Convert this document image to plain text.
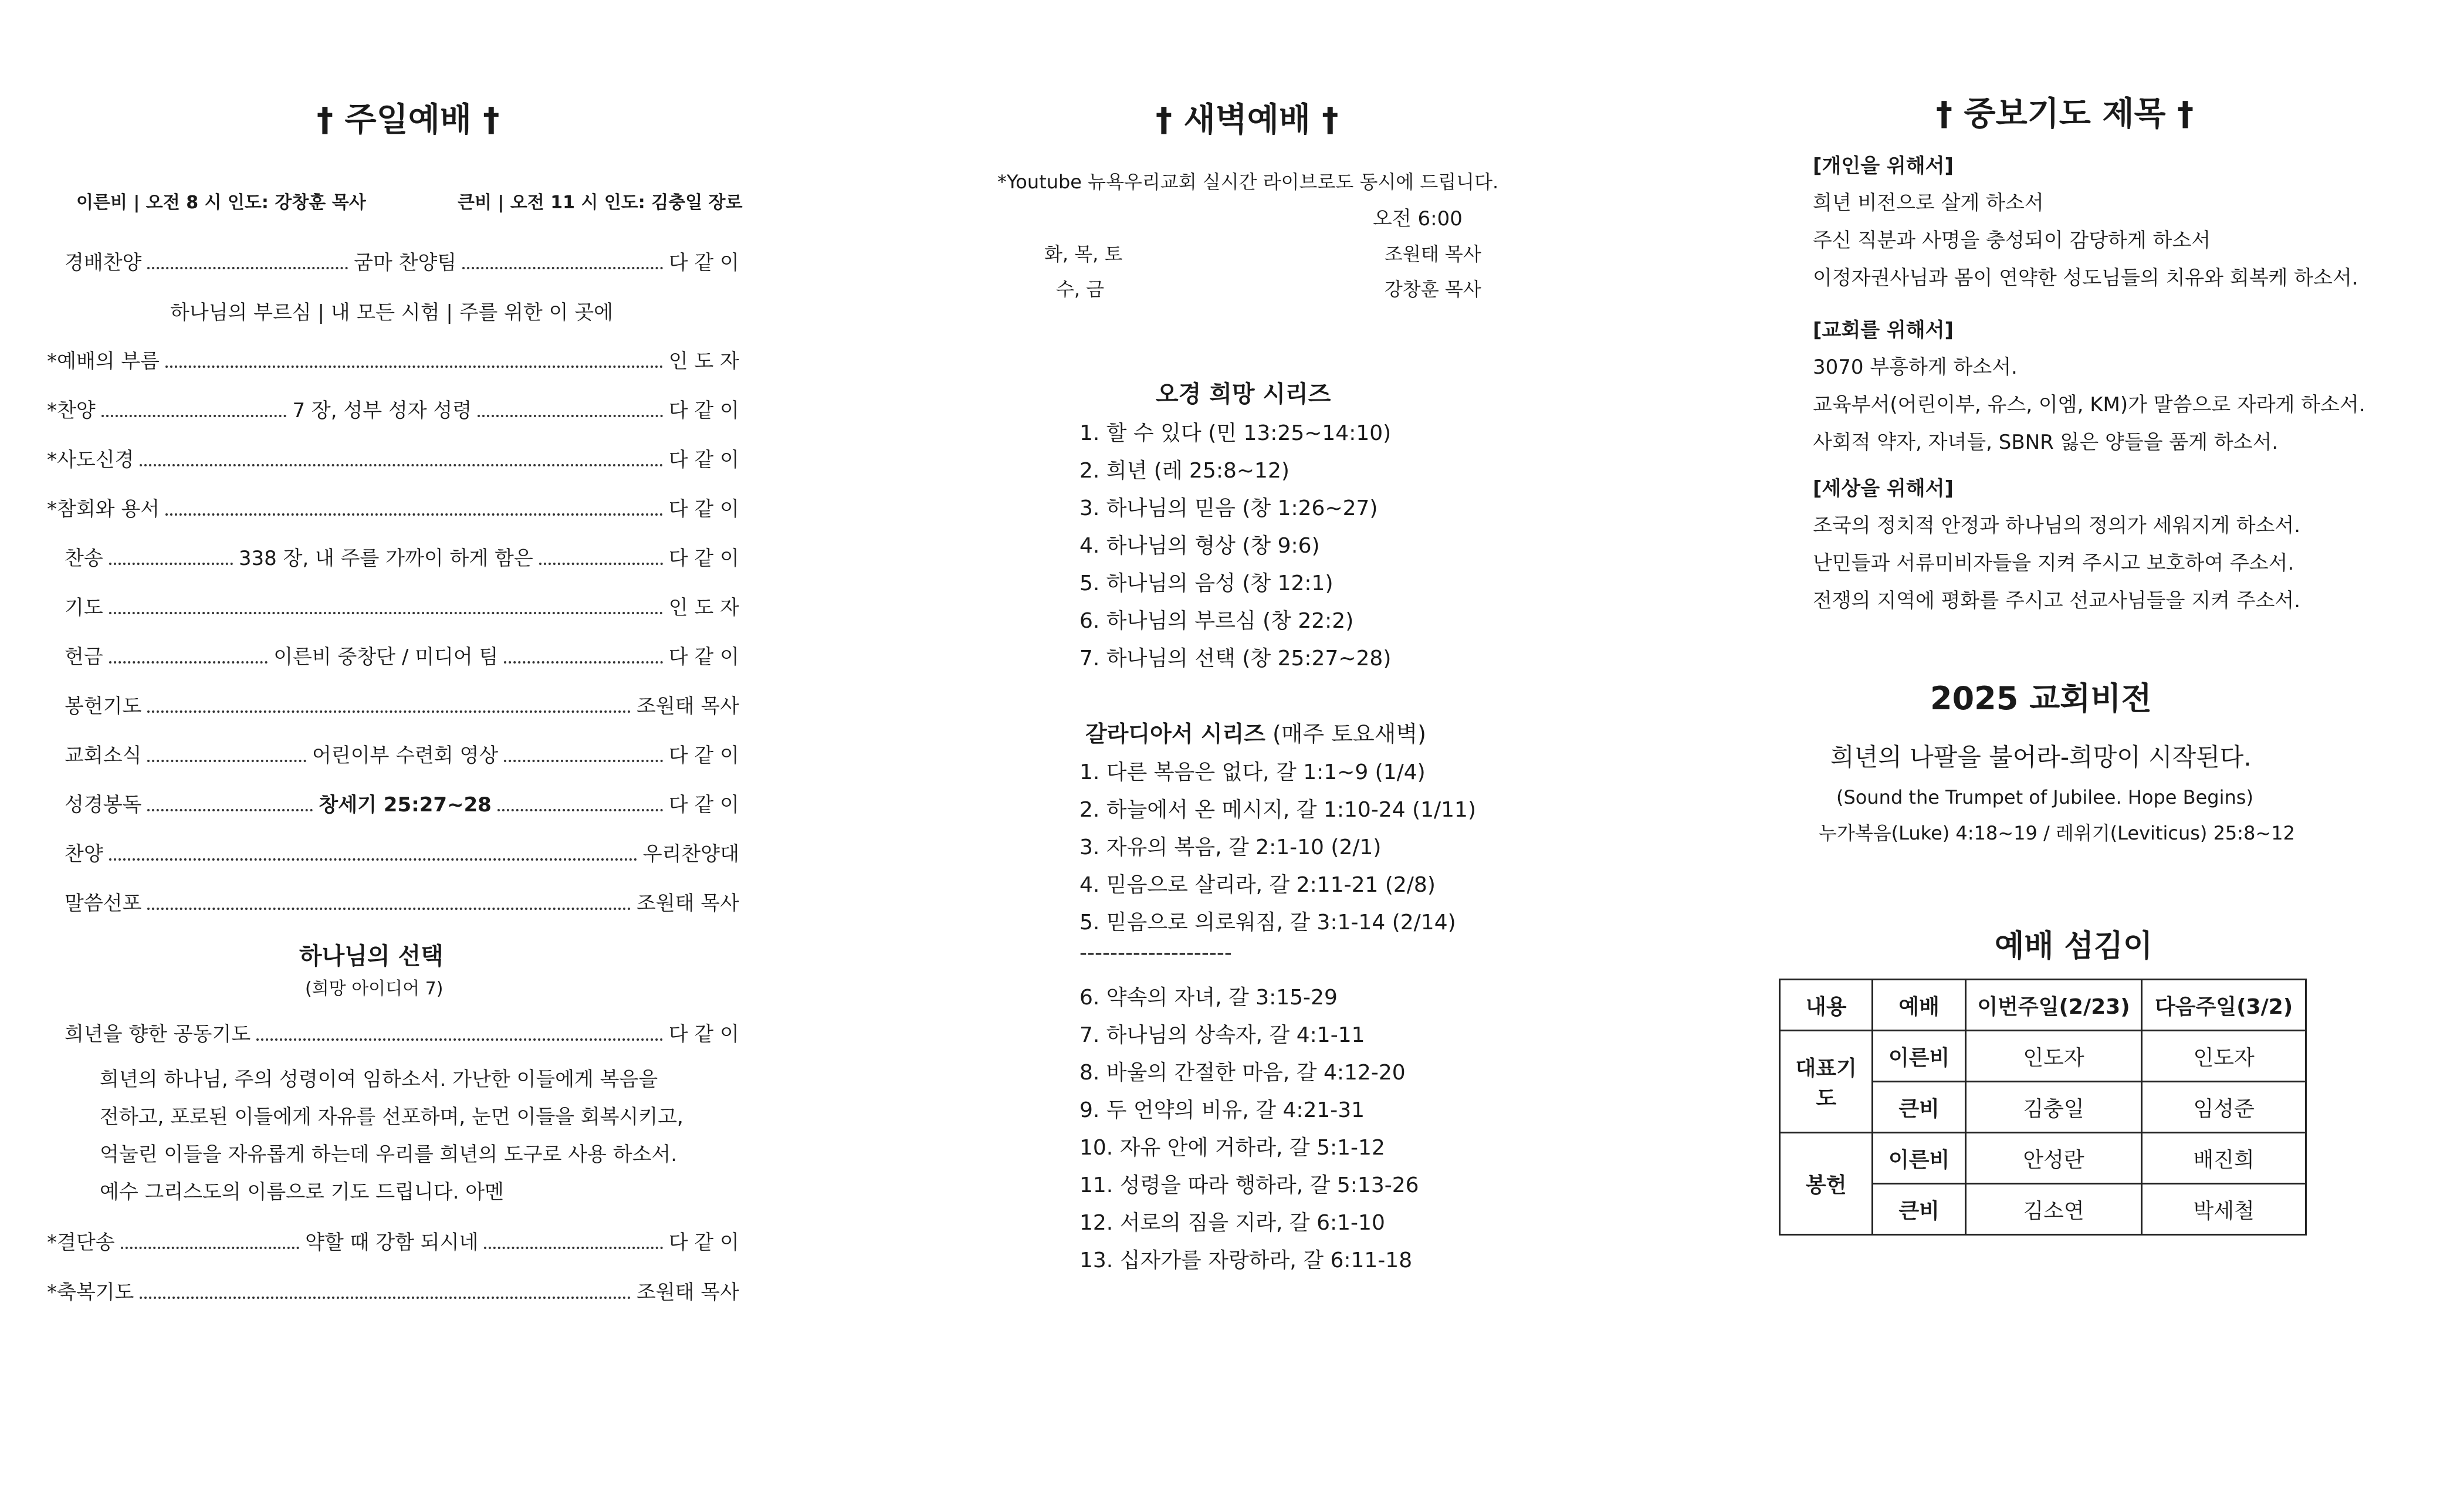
† 주일예배 †
이른비 | 오전 8 시 인도: 강창훈 목사	큰비 | 오전 11 시 인도: 김충일 장로
경배찬양	굼마 찬양팀	다 같 이
하나님의 부르심 | 내 모든 시험 | 주를 위한 이 곳에
*예배의 부름	인 도 자
*찬양	7 장, 성부 성자 성령	다 같 이
*사도신경	다 같 이
*참회와 용서	다 같 이
찬송	338 장, 내 주를 가까이 하게 함은	다 같 이
기도	인 도 자
헌금	이른비 중창단 / 미디어 팀	다 같 이
봉헌기도	조원태 목사
교회소식	어린이부 수련회 영상	다 같 이
성경봉독	창세기 25:27~28	다 같 이
찬양	우리찬양대
말씀선포	조원태 목사
하나님의 선택
(희망 아이디어 7)
희년을 향한 공동기도	다 같 이
희년의 하나님, 주의 성령이여 임하소서. 가난한 이들에게 복음을
전하고, 포로된 이들에게 자유를 선포하며, 눈먼 이들을 회복시키고,
억눌린 이들을 자유롭게 하는데 우리를 희년의 도구로 사용 하소서.
예수 그리스도의 이름으로 기도 드립니다. 아멘
*결단송	약할 때 강함 되시네	다 같 이
*축복기도	조원태 목사
† 새벽예배 †
*Youtube 뉴욕우리교회 실시간 라이브로도 동시에 드립니다.
오전 6:00
화, 목, 토	조원태 목사
수, 금	강창훈 목사
오경 희망 시리즈
1. 할 수 있다 (민 13:25~14:10)
2. 희년 (레 25:8~12)
3. 하나님의 믿음 (창 1:26~27)
4. 하나님의 형상 (창 9:6)
5. 하나님의 음성 (창 12:1)
6. 하나님의 부르심 (창 22:2)
7. 하나님의 선택 (창 25:27~28)
갈라디아서 시리즈 (매주 토요새벽)
1. 다른 복음은 없다, 갈 1:1~9 (1/4)
2. 하늘에서 온 메시지, 갈 1:10-24 (1/11)
3. 자유의 복음, 갈 2:1-10 (2/1)
4. 믿음으로 살리라, 갈 2:11-21 (2/8)
5. 믿음으로 의로워짐, 갈 3:1-14 (2/14)
--------------------
6. 약속의 자녀, 갈 3:15-29
7. 하나님의 상속자, 갈 4:1-11
8. 바울의 간절한 마음, 갈 4:12-20
9. 두 언약의 비유, 갈 4:21-31
10. 자유 안에 거하라, 갈 5:1-12
11. 성령을 따라 행하라, 갈 5:13-26
12. 서로의 짐을 지라, 갈 6:1-10
13. 십자가를 자랑하라, 갈 6:11-18
† 중보기도 제목 †
[개인을 위해서]
희년 비전으로 살게 하소서
주신 직분과 사명을 충성되이 감당하게 하소서
이정자권사님과 몸이 연약한 성도님들의 치유와 회복케 하소서.
[교회를 위해서]
3070 부흥하게 하소서.
교육부서(어린이부, 유스, 이엠, KM)가 말씀으로 자라게 하소서.
사회적 약자, 자녀들, SBNR 잃은 양들을 품게 하소서.
[세상을 위해서]
조국의 정치적 안정과 하나님의 정의가 세워지게 하소서.
난민들과 서류미비자들을 지켜 주시고 보호하여 주소서.
전쟁의 지역에 평화를 주시고 선교사님들을 지켜 주소서.
2025 교회비전
희년의 나팔을 불어라-희망이 시작된다.
(Sound the Trumpet of Jubilee. Hope Begins)
누가복음(Luke) 4:18~19 / 레위기(Leviticus) 25:8~12
예배 섬김이
내용	예배	이번주일(2/23)	다음주일(3/2)
대표기도	이른비	인도자	인도자
	큰비	김충일	임성준
봉헌	이른비	안성란	배진희
	큰비	김소연	박세철
